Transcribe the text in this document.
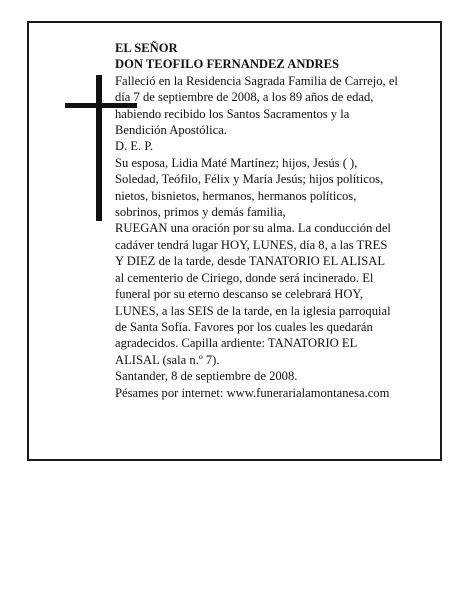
EL SEÑOR
DON TEOFILO FERNANDEZ ANDRES
Falleció en la Residencia Sagrada Familia de Carrejo, el
día 7 de septiembre de 2008, a los 89 años de edad,
habiendo recibido los Santos Sacramentos y la
Bendición Apostólica.
D. E. P.
Su esposa, Lidia Maté Martínez; hijos, Jesús ( ),
Soledad, Teófilo, Félix y María Jesús; hijos políticos,
nietos, bisnietos, hermanos, hermanos políticos,
sobrinos, primos y demás familia,
RUEGAN una oración por su alma. La conducción del
cadáver tendrá lugar HOY, LUNES, día 8, a las TRES
Y DIEZ de la tarde, desde TANATORIO EL ALISAL
al cementerio de Ciriego, donde será incinerado. El
funeral por su eterno descanso se celebrará HOY,
LUNES, a las SEIS de la tarde, en la iglesia parroquial
de Santa Sofía. Favores por los cuales les quedarán
agradecidos. Capilla ardiente: TANATORIO EL
ALISAL (sala n.º 7).
Santander, 8 de septiembre de 2008.
Pésames por internet: www.funerarialamontanesa.com
